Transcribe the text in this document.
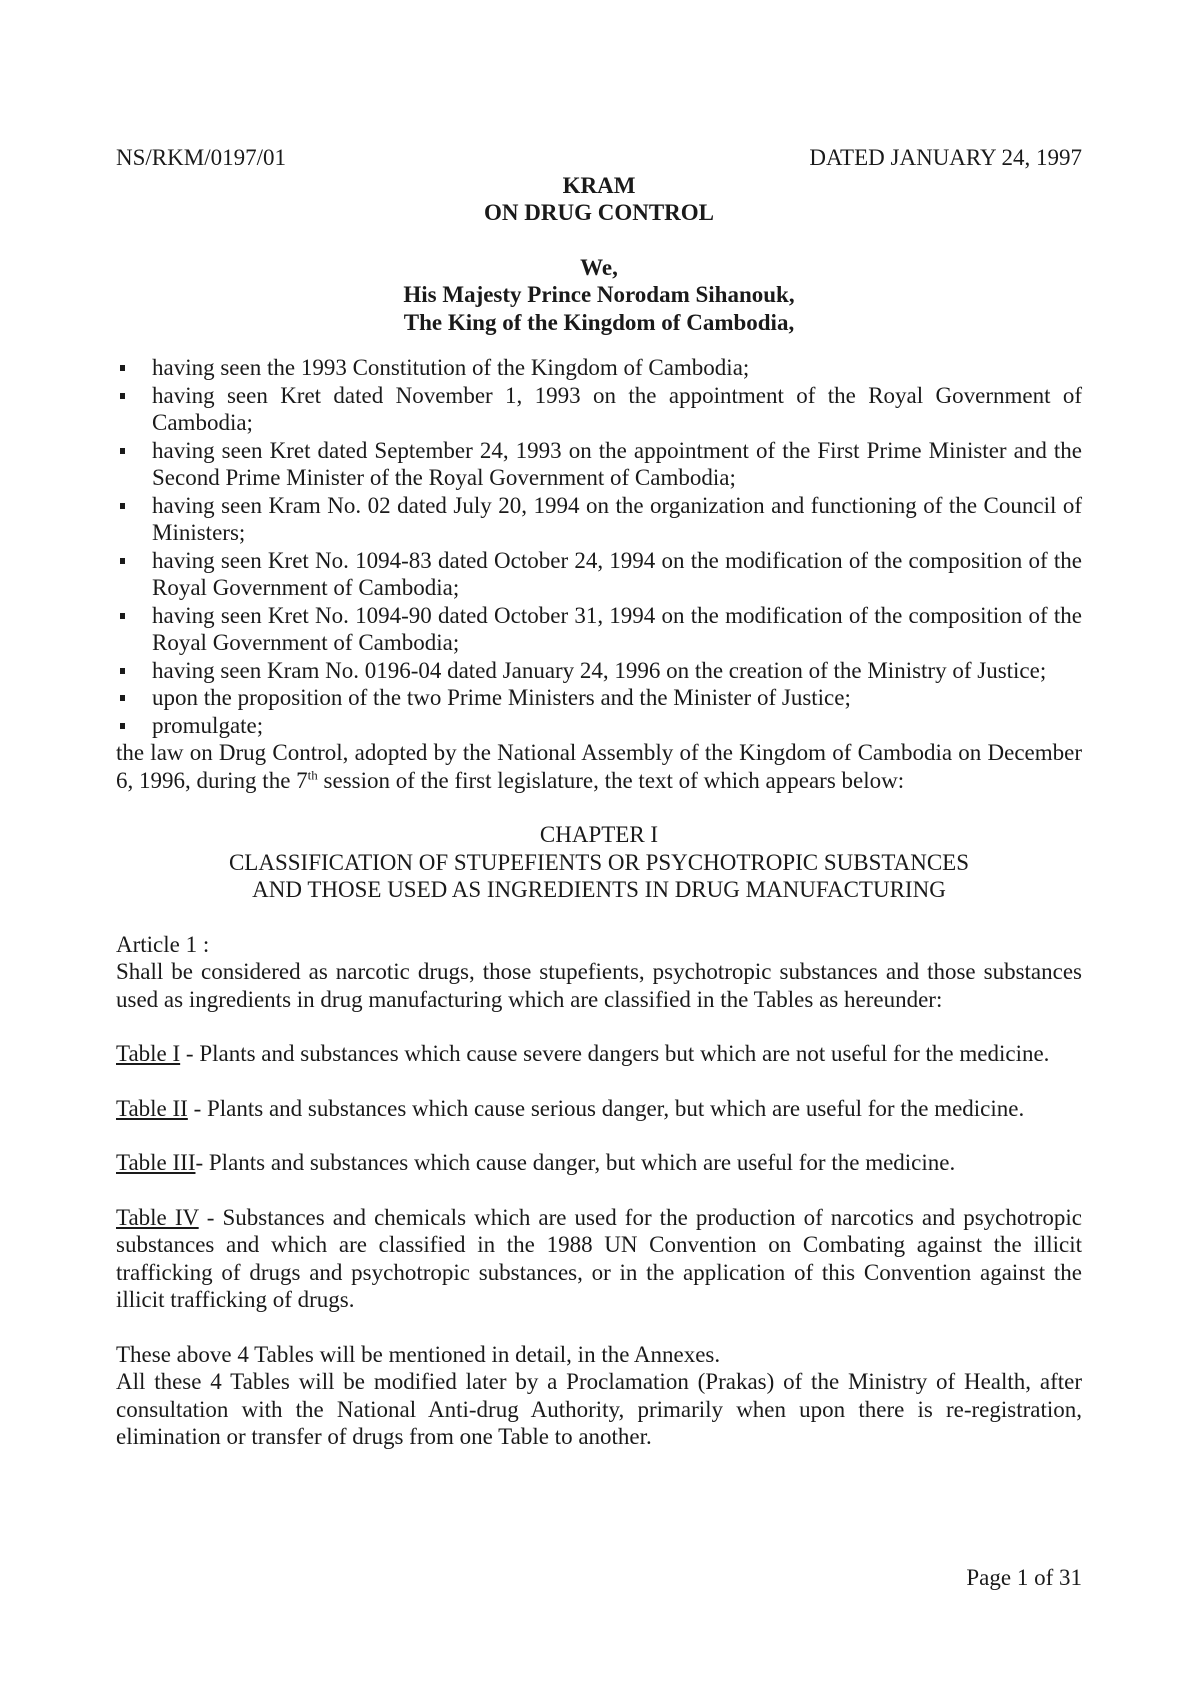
NS/RKM/0197/01	DATED JANUARY 24, 1997
KRAM
ON DRUG CONTROL
We,
His Majesty Prince Norodam Sihanouk,
The King of the Kingdom of Cambodia,
having seen the 1993 Constitution of the Kingdom of Cambodia;
having seen Kret dated November 1, 1993 on the appointment of the Royal Government of Cambodia;
having seen Kret dated September 24, 1993 on the appointment of the First Prime Minister and the Second Prime Minister of the Royal Government of Cambodia;
having seen Kram No. 02 dated July 20, 1994 on the organization and functioning of the Council of Ministers;
having seen Kret No. 1094-83 dated October 24, 1994 on the modification of the composition of the Royal Government of Cambodia;
having seen Kret No. 1094-90 dated October 31, 1994 on the modification of the composition of the Royal Government of Cambodia;
having seen Kram No. 0196-04 dated January 24, 1996 on the creation of the Ministry of Justice;
upon the proposition of the two Prime Ministers and the Minister of Justice;
promulgate;
the law on Drug Control, adopted by the National Assembly of the Kingdom of Cambodia on December 6, 1996, during the 7th session of the first legislature, the text of which appears below:
CHAPTER I
CLASSIFICATION OF STUPEFIENTS OR PSYCHOTROPIC SUBSTANCES
AND THOSE USED AS INGREDIENTS IN DRUG MANUFACTURING
Article 1 :
Shall be considered as narcotic drugs, those stupefients, psychotropic substances and those substances used as ingredients in drug manufacturing which are classified in the Tables as hereunder:
Table I - Plants and substances which cause severe dangers but which are not useful for the medicine.
Table II - Plants and substances which cause serious danger, but which are useful for the medicine.
Table III- Plants and substances which cause danger, but which are useful for the medicine.
Table IV - Substances and chemicals which are used for the production of narcotics and psychotropic substances and which are classified in the 1988 UN Convention on Combating against the illicit trafficking of drugs and psychotropic substances, or in the application of this Convention against the illicit trafficking of drugs.
These above 4 Tables will be mentioned in detail, in the Annexes.
All these 4 Tables will be modified later by a Proclamation (Prakas) of the Ministry of Health, after consultation with the National Anti-drug Authority, primarily when upon there is re-registration, elimination or transfer of drugs from one Table to another.
Page 1 of 31
